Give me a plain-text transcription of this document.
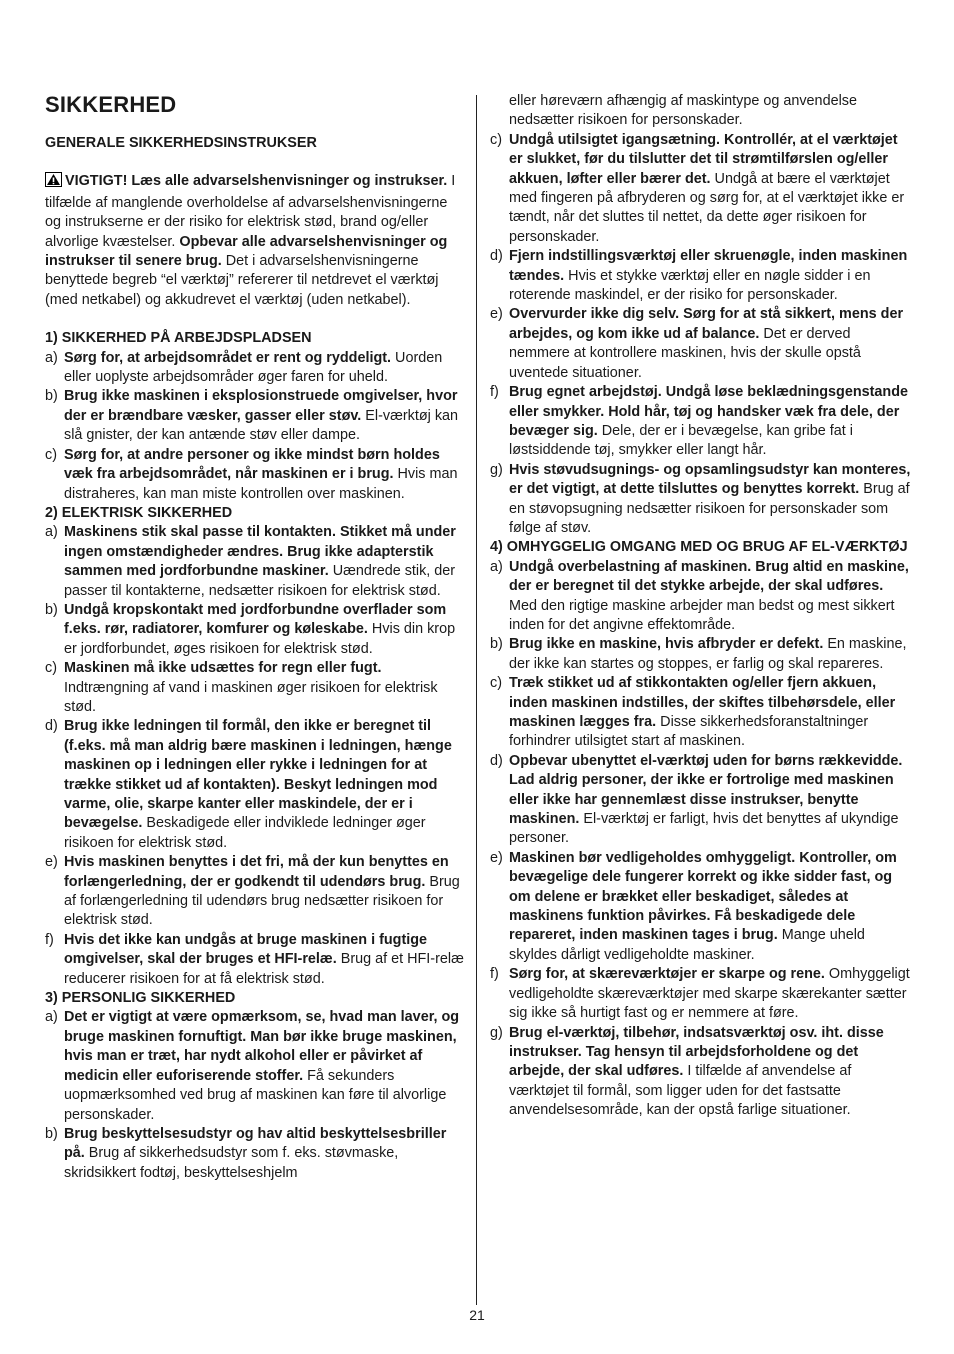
SIKKERHED
GENERALE SIKKERHEDSINSTRUKSER

VIGTIGT! Læs alle advarselshenvisninger og instrukser. I tilfælde af manglende overholdelse af advarselshenvisningerne og instrukserne er der risiko for elektrisk stød, brand og/eller alvorlige kvæstelser. Opbevar alle advarselshenvisninger og instrukser til senere brug. Det i advarselshenvisningerne benyttede begreb “el værktøj” refererer til netdrevet el værktøj (med netkabel) og akkudrevet el værktøj (uden netkabel).

1) SIKKERHED PÅ ARBEJDSPLADSEN
a) Sørg for, at arbejdsområdet er rent og ryddeligt. Uorden eller uoplyste arbejdsområder øger faren for uheld.
b) Brug ikke maskinen i eksplosionstruede omgivelser, hvor der er brændbare væsker, gasser eller støv. El-værktøj kan slå gnister, der kan antænde støv eller dampe.
c) Sørg for, at andre personer og ikke mindst børn holdes væk fra arbejdsområdet, når maskinen er i brug. Hvis man distraheres, kan man miste kontrollen over maskinen.
2) ELEKTRISK SIKKERHED
a) Maskinens stik skal passe til kontakten. Stikket må under ingen omstændigheder ændres. Brug ikke adapterstik sammen med jordforbundne maskiner. Uændrede stik, der passer til kontakterne, nedsætter risikoen for elektrisk stød.
b) Undgå kropskontakt med jordforbundne overflader som f.eks. rør, radiatorer, komfurer og køleskabe. Hvis din krop er jordforbundet, øges risikoen for elektrisk stød.
c) Maskinen må ikke udsættes for regn eller fugt. Indtrængning af vand i maskinen øger risikoen for elektrisk stød.
d) Brug ikke ledningen til formål, den ikke er beregnet til (f.eks. må man aldrig bære maskinen i ledningen, hænge maskinen op i ledningen eller rykke i ledningen for at trække stikket ud af kontakten). Beskyt ledningen mod varme, olie, skarpe kanter eller maskindele, der er i bevægelse. Beskadigede eller indviklede ledninger øger risikoen for elektrisk stød.
e) Hvis maskinen benyttes i det fri, må der kun benyttes en forlængerledning, der er godkendt til udendørs brug. Brug af forlængerledning til udendørs brug nedsætter risikoen for elektrisk stød.
f) Hvis det ikke kan undgås at bruge maskinen i fugtige omgivelser, skal der bruges et HFI-relæ. Brug af et HFI-relæ reducerer risikoen for at få elektrisk stød.
3) PERSONLIG SIKKERHED
a) Det er vigtigt at være opmærksom, se, hvad man laver, og bruge maskinen fornuftigt. Man bør ikke bruge maskinen, hvis man er træt, har nydt alkohol eller er påvirket af medicin eller euforiserende stoffer. Få sekunders uopmærksomhed ved brug af maskinen kan føre til alvorlige personskader.
b) Brug beskyttelsesudstyr og hav altid beskyttelsesbriller på. Brug af sikkerhedsudstyr som f. eks. støvmaske, skridsikkert fodtøj, beskyttelseshjelm
eller høreværn afhængig af maskintype og anvendelse nedsætter risikoen for personskader.
c) Undgå utilsigtet igangsætning. Kontrollér, at el værktøjet er slukket, før du tilslutter det til strømtilførslen og/eller akkuen, løfter eller bærer det. Undgå at bære el værktøjet med fingeren på afbryderen og sørg for, at el værktøjet ikke er tændt, når det sluttes til nettet, da dette øger risikoen for personskader.
d) Fjern indstillingsværktøj eller skruenøgle, inden maskinen tændes. Hvis et stykke værktøj eller en nøgle sidder i en roterende maskindel, er der risiko for personskader.
e) Overvurder ikke dig selv. Sørg for at stå sikkert, mens der arbejdes, og kom ikke ud af balance. Det er derved nemmere at kontrollere maskinen, hvis der skulle opstå uventede situationer.
f) Brug egnet arbejdstøj. Undgå løse beklædningsgenstande eller smykker. Hold hår, tøj og handsker væk fra dele, der bevæger sig. Dele, der er i bevægelse, kan gribe fat i løstsiddende tøj, smykker eller langt hår.
g) Hvis støvudsugnings- og opsamlingsudstyr kan monteres, er det vigtigt, at dette tilsluttes og benyttes korrekt. Brug af en støvopsugning nedsætter risikoen for personskader som følge af støv.
4) OMHYGGELIG OMGANG MED OG BRUG AF EL-VÆRKTØJ
a) Undgå overbelastning af maskinen. Brug altid en maskine, der er beregnet til det stykke arbejde, der skal udføres. Med den rigtige maskine arbejder man bedst og mest sikkert inden for det angivne effektområde.
b) Brug ikke en maskine, hvis afbryder er defekt. En maskine, der ikke kan startes og stoppes, er farlig og skal repareres.
c) Træk stikket ud af stikkontakten og/eller fjern akkuen, inden maskinen indstilles, der skiftes tilbehørsdele, eller maskinen lægges fra. Disse sikkerhedsforanstaltninger forhindrer utilsigtet start af maskinen.
d) Opbevar ubenyttet el-værktøj uden for børns rækkevidde. Lad aldrig personer, der ikke er fortrolige med maskinen eller ikke har gennemlæst disse instrukser, benytte maskinen. El-værktøj er farligt, hvis det benyttes af ukyndige personer.
e) Maskinen bør vedligeholdes omhyggeligt. Kontroller, om bevægelige dele fungerer korrekt og ikke sidder fast, og om delene er brækket eller beskadiget, således at maskinens funktion påvirkes. Få beskadigede dele repareret, inden maskinen tages i brug. Mange uheld skyldes dårligt vedligeholdte maskiner.
f) Sørg for, at skæreværktøjer er skarpe og rene. Omhyggeligt vedligeholdte skæreværktøjer med skarpe skærekanter sætter sig ikke så hurtigt fast og er nemmere at føre.
g) Brug el-værktøj, tilbehør, indsatsværktøj osv. iht. disse instrukser. Tag hensyn til arbejdsforholdene og det arbejde, der skal udføres. I tilfælde af anvendelse af værktøjet til formål, som ligger uden for det fastsatte anvendelsesområde, kan der opstå farlige situationer.
21
